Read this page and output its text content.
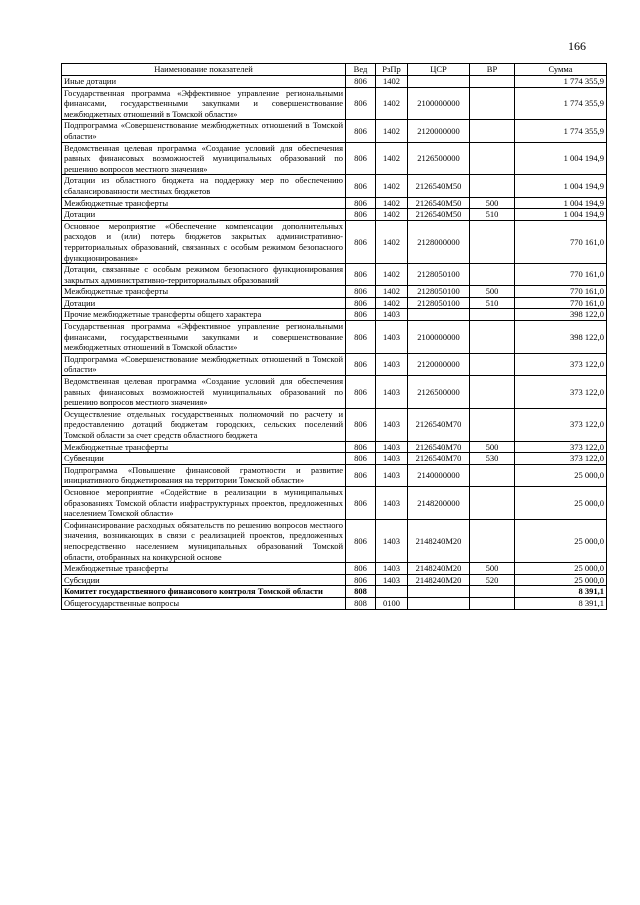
166
Наименование показателей	Вед	РзПр	ЦСР	ВР	Сумма
Иные дотации	806	1402			1 774 355,9
Государственная программа «Эффективное управление региональными финансами, государственными закупками и совершенствование межбюджетных отношений в Томской области»	806	1402	2100000000		1 774 355,9
Подпрограмма «Совершенствование межбюджетных отношений в Томской области»	806	1402	2120000000		1 774 355,9
Ведомственная целевая программа «Создание условий для обеспечения равных финансовых возможностей муниципальных образований по решению вопросов местного значения»	806	1402	2126500000		1 004 194,9
Дотации из областного бюджета на поддержку мер по обеспечению сбалансированности местных бюджетов	806	1402	2126540M50		1 004 194,9
Межбюджетные трансферты	806	1402	2126540M50	500	1 004 194,9
Дотации	806	1402	2126540M50	510	1 004 194,9
Основное мероприятие «Обеспечение компенсации дополнительных расходов и (или) потерь бюджетов закрытых административно-территориальных образований, связанных с особым режимом безопасного функционирования»	806	1402	2128000000		770 161,0
Дотации, связанные с особым режимом безопасного функционирования закрытых административно-территориальных образований	806	1402	2128050100		770 161,0
Межбюджетные трансферты	806	1402	2128050100	500	770 161,0
Дотации	806	1402	2128050100	510	770 161,0
Прочие межбюджетные трансферты общего характера	806	1403			398 122,0
Государственная программа «Эффективное управление региональными финансами, государственными закупками и совершенствование межбюджетных отношений в Томской области»	806	1403	2100000000		398 122,0
Подпрограмма «Совершенствование межбюджетных отношений в Томской области»	806	1403	2120000000		373 122,0
Ведомственная целевая программа «Создание условий для обеспечения равных финансовых возможностей муниципальных образований по решению вопросов местного значения»	806	1403	2126500000		373 122,0
Осуществление отдельных государственных полномочий по расчету и предоставлению дотаций бюджетам городских, сельских поселений Томской области за счет средств областного бюджета	806	1403	2126540M70		373 122,0
Межбюджетные трансферты	806	1403	2126540M70	500	373 122,0
Субвенции	806	1403	2126540M70	530	373 122,0
Подпрограмма «Повышение финансовой грамотности и развитие инициативного бюджетирования на территории Томской области»	806	1403	2140000000		25 000,0
Основное мероприятие «Содействие в реализации в муниципальных образованиях Томской области инфраструктурных проектов, предложенных населением Томской области»	806	1403	2148200000		25 000,0
Софинансирование расходных обязательств по решению вопросов местного значения, возникающих в связи с реализацией проектов, предложенных непосредственно населением муниципальных образований Томской области, отобранных на конкурсной основе	806	1403	2148240M20		25 000,0
Межбюджетные трансферты	806	1403	2148240M20	500	25 000,0
Субсидии	806	1403	2148240M20	520	25 000,0
Комитет государственного финансового контроля Томской области	808				8 391,1
Общегосударственные вопросы	808	0100			8 391,1
